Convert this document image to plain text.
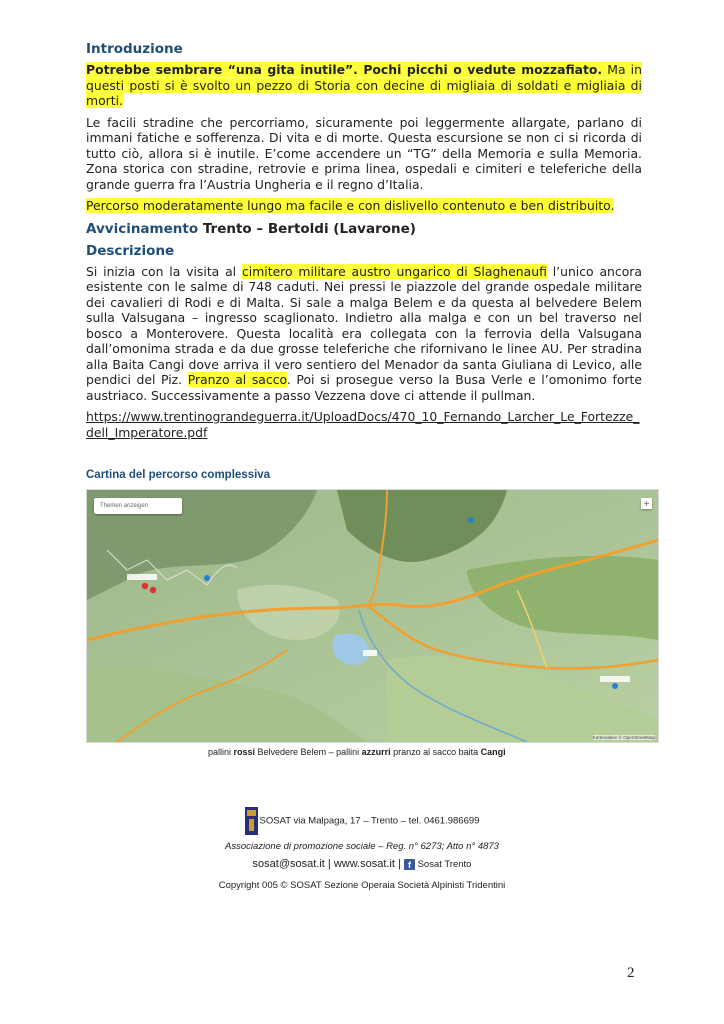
Introduzione

Potrebbe sembrare “una gita inutile”. Pochi picchi o vedute mozzafiato. Ma in questi posti si è svolto un pezzo di Storia con decine di migliaia di soldati e migliaia di morti.

Le facili stradine che percorriamo, sicuramente poi leggermente allargate, parlano di immani fatiche e sofferenza. Di vita e di morte. Questa escursione se non ci si ricorda di tutto ciò, allora si è inutile. E’come accendere un “TG” della Memoria e sulla Memoria. Zona storica con stradine, retrovie e prima linea, ospedali e cimiteri e teleferiche della grande guerra fra l’Austria Ungheria e il regno d’Italia.

Percorso moderatamente lungo ma facile e con dislivello contenuto e ben distribuito.

Avvicinamento Trento – Bertoldi (Lavarone)
Descrizione

Si inizia con la visita al cimitero militare austro ungarico di Slaghenaufi l’unico ancora esistente con le salme di 748 caduti. Nei pressi le piazzole del grande ospedale militare dei cavalieri di Rodi e di Malta. Si sale a malga Belem e da questa al belvedere Belem sulla Valsugana – ingresso scaglionato. Indietro alla malga e con un bel traverso nel bosco a Monterovere. Questa località era collegata con la ferrovia della Valsugana dall’omonima strada e da due grosse teleferiche che rifornivano le linee AU. Per stradina alla Baita Cangi dove arriva il vero sentiero del Menador da santa Giuliana di Levico, alle pendici del Piz. Pranzo al sacco. Poi si prosegue verso la Busa Verle e l’omonimo forte austriaco. Successivamente a passo Vezzena dove ci attende il pullman.

https://www.trentinograndeguerra.it/UploadDocs/470_10_Fernando_Larcher_Le_Fortezze_dell_Imperatore.pdf

Cartina del percorso complessiva
Themen anzeigen	+
Kartendaten © OpenStreetMap
pallini rossi Belvedere Belem – pallini azzurri pranzo al sacco baita Cangi
SOSAT via Malpaga, 17 – Trento – tel. 0461.986699
Associazione di promozione sociale – Reg. n° 6273; Atto n° 4873
sosat@sosat.it | www.sosat.it | f Sosat Trento
Copyright 005 © SOSAT Sezione Operaia Società Alpinisti Tridentini
2
